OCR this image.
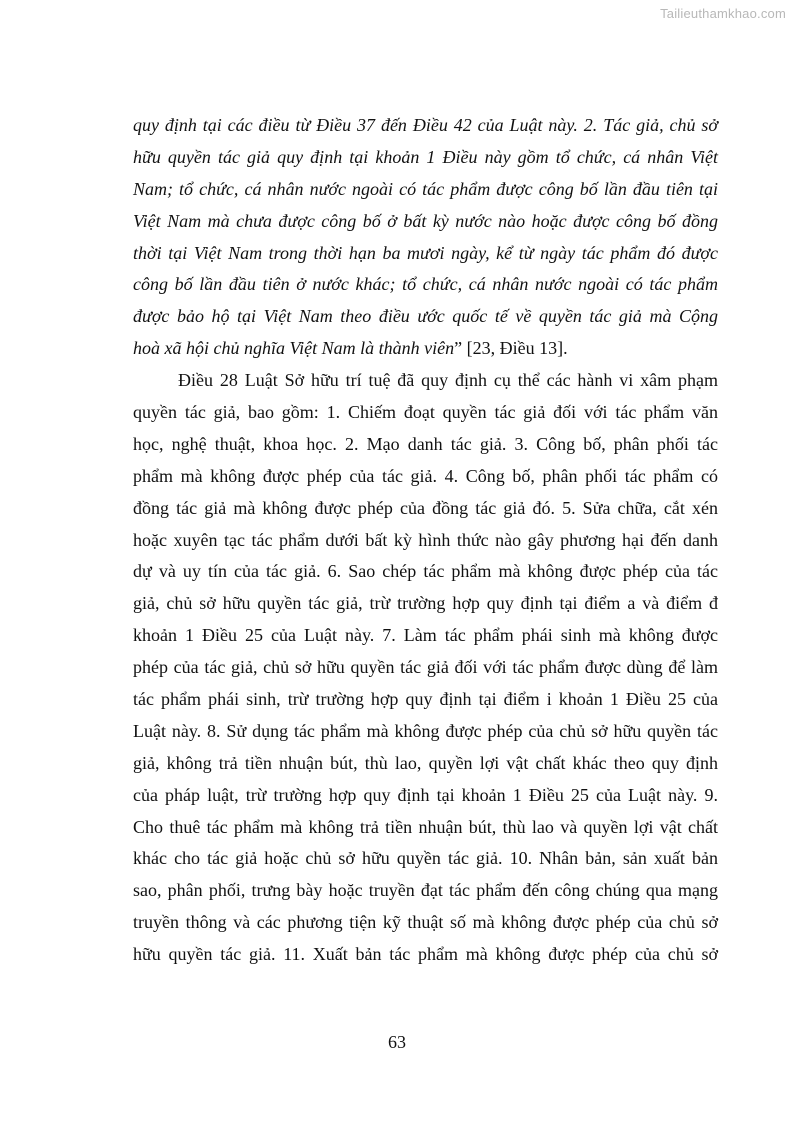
Tailieuthamkhao.com
quy định tại các điều từ Điều 37 đến Điều 42 của Luật này. 2. Tác giả, chủ sở
hữu quyền tác giả quy định tại khoản 1 Điều này gồm tổ chức, cá nhân Việt
Nam; tổ chức, cá nhân nước ngoài có tác phẩm được công bố lần đầu tiên tại
Việt Nam mà chưa được công bố ở bất kỳ nước nào hoặc được công bố đồng
thời tại Việt Nam trong thời hạn ba mươi ngày, kể từ ngày tác phẩm đó được
công bố lần đầu tiên ở nước khác; tổ chức, cá nhân nước ngoài có tác phẩm
được bảo hộ tại Việt Nam theo điều ước quốc tế về quyền tác giả mà Cộng
hoà xã hội chủ nghĩa Việt Nam là thành viên” [23, Điều 13].
Điều 28 Luật Sở hữu trí tuệ đã quy định cụ thể các hành vi xâm phạm
quyền tác giả, bao gồm: 1. Chiếm đoạt quyền tác giả đối với tác phẩm văn
học, nghệ thuật, khoa học. 2. Mạo danh tác giả. 3. Công bố, phân phối tác
phẩm mà không được phép của tác giả. 4. Công bố, phân phối tác phẩm có
đồng tác giả mà không được phép của đồng tác giả đó. 5. Sửa chữa, cắt xén
hoặc xuyên tạc tác phẩm dưới bất kỳ hình thức nào gây phương hại đến danh
dự và uy tín của tác giả. 6. Sao chép tác phẩm mà không được phép của tác
giả, chủ sở hữu quyền tác giả, trừ trường hợp quy định tại điểm a và điểm đ
khoản 1 Điều 25 của Luật này. 7. Làm tác phẩm phái sinh mà không được
phép của tác giả, chủ sở hữu quyền tác giả đối với tác phẩm được dùng để làm
tác phẩm phái sinh, trừ trường hợp quy định tại điểm i khoản 1 Điều 25 của
Luật này. 8. Sử dụng tác phẩm mà không được phép của chủ sở hữu quyền tác
giả, không trả tiền nhuận bút, thù lao, quyền lợi vật chất khác theo quy định
của pháp luật, trừ trường hợp quy định tại khoản 1 Điều 25 của Luật này. 9.
Cho thuê tác phẩm mà không trả tiền nhuận bút, thù lao và quyền lợi vật chất
khác cho tác giả hoặc chủ sở hữu quyền tác giả. 10. Nhân bản, sản xuất bản
sao, phân phối, trưng bày hoặc truyền đạt tác phẩm đến công chúng qua mạng
truyền thông và các phương tiện kỹ thuật số mà không được phép của chủ sở
hữu quyền tác giả. 11. Xuất bản tác phẩm mà không được phép của chủ sở
63
